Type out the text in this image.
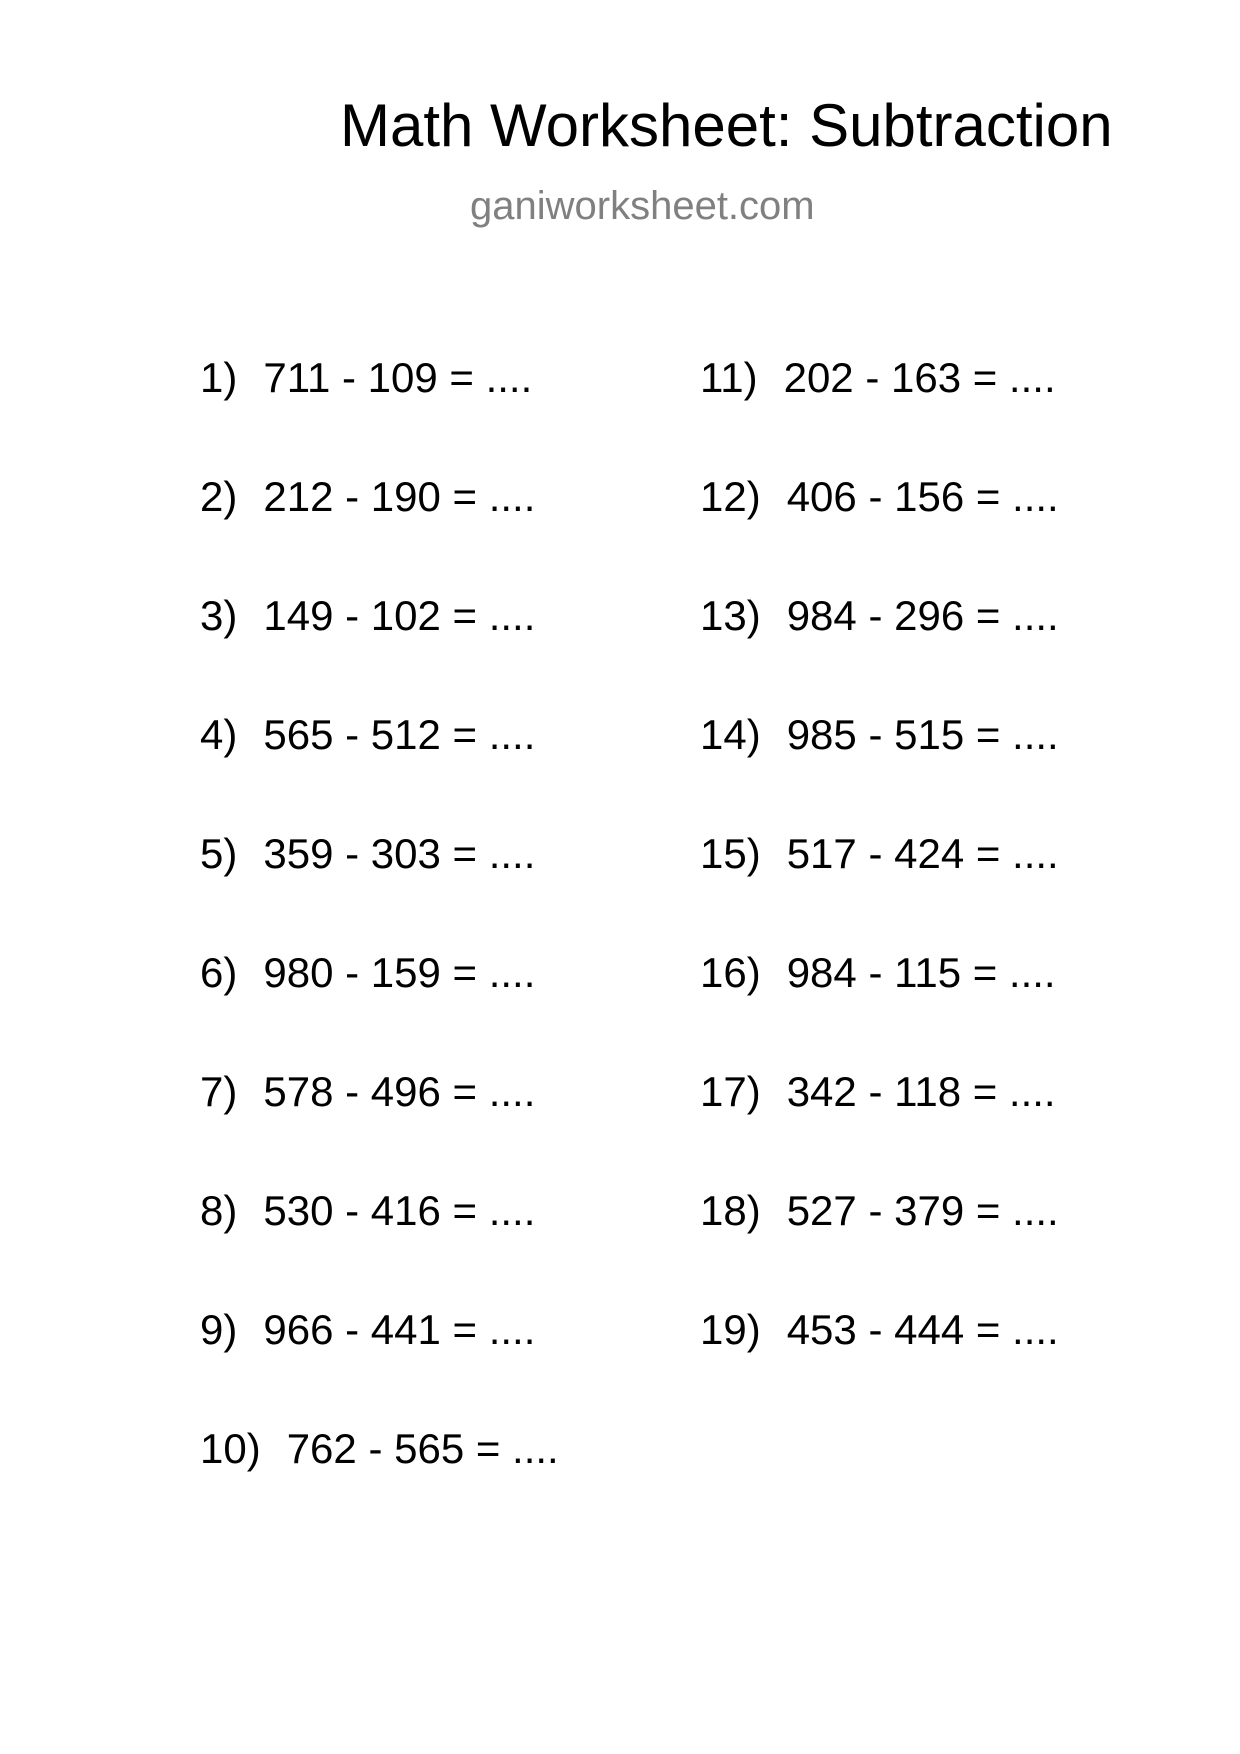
Math Worksheet: Subtraction
ganiworksheet.com
1) 711 - 109 = ....
2) 212 - 190 = ....
3) 149 - 102 = ....
4) 565 - 512 = ....
5) 359 - 303 = ....
6) 980 - 159 = ....
7) 578 - 496 = ....
8) 530 - 416 = ....
9) 966 - 441 = ....
10) 762 - 565 = ....
11) 202 - 163 = ....
12) 406 - 156 = ....
13) 984 - 296 = ....
14) 985 - 515 = ....
15) 517 - 424 = ....
16) 984 - 115 = ....
17) 342 - 118 = ....
18) 527 - 379 = ....
19) 453 - 444 = ....
